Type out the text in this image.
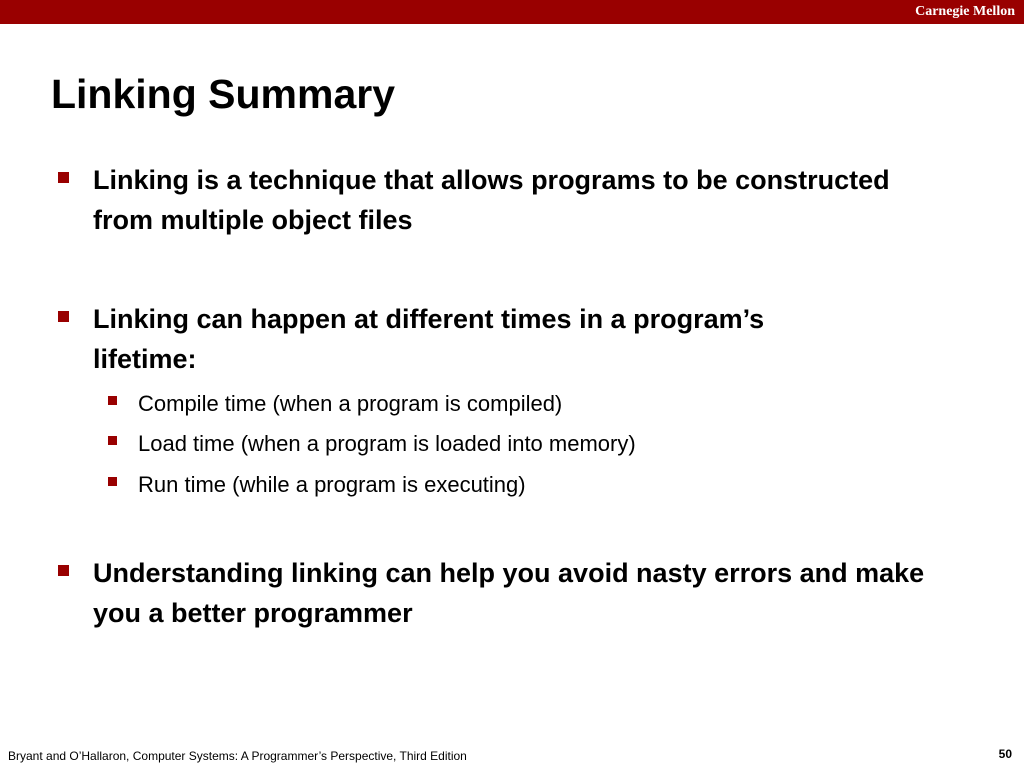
Carnegie Mellon
Linking Summary
Linking is a technique that allows programs to be constructed from multiple object files
Linking can happen at different times in a program’s lifetime:
Compile time (when a program is compiled)
Load time (when a program is loaded into memory)
Run time (while a program is executing)
Understanding linking can help you avoid nasty errors and make you a better programmer
Bryant and O’Hallaron, Computer Systems: A Programmer’s Perspective, Third Edition	50
